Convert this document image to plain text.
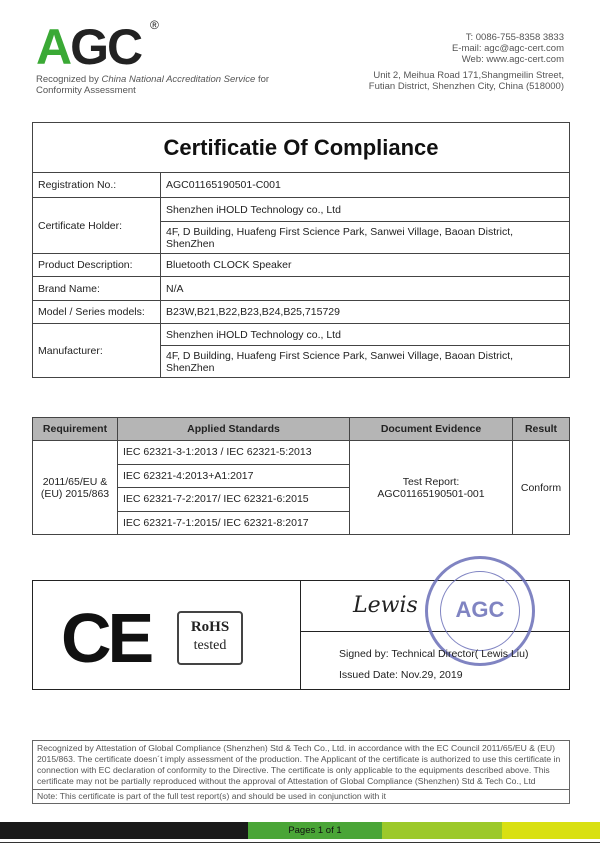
AGC ®
Recognized by China National Accreditation Service for
Conformity Assessment
T: 0086-755-8358 3833
E-mail: agc@agc-cert.com
Web: www.agc-cert.com
Unit 2, Meihua Road 171,Shangmeilin Street,
Futian District, Shenzhen City, China (518000)
Certificatie Of Compliance	
Registration No.:	AGC01165190501-C001
Certificate Holder:	Shenzhen iHOLD Technology co., Ltd
	4F, D Building, Huafeng First Science Park, Sanwei Village, Baoan District, ShenZhen
Product Description:	Bluetooth CLOCK Speaker
Brand Name:	N/A
Model / Series models:	B23W,B21,B22,B23,B24,B25,715729
Manufacturer:	Shenzhen iHOLD Technology co., Ltd
	4F, D Building, Huafeng First Science Park, Sanwei Village, Baoan District, ShenZhen
Requirement	Applied Standards	Document Evidence	Result
2011/65/EU & (EU) 2015/863	IEC 62321-3-1:2013 / IEC 62321-5:2013	Test Report:
AGC01165190501-001	Conform
	IEC 62321-4:2013+A1:2017		
	IEC 62321-7-2:2017/ IEC 62321-6:2015		
	IEC 62321-7-1:2015/ IEC 62321-8:2017		
CE	RoHS
tested
Lewis	AGC
Signed by: Technical Director( Lewis Liu)
Issued Date: Nov.29, 2019
Recognized by Attestation of Global Compliance (Shenzhen) Std & Tech Co., Ltd. in accordance with the EC Council 2011/65/EU & (EU) 2015/863. The certificate doesn´t imply assessment of the production. The Applicant of the certificate is authorized to use this certificate in connection with EC declaration of conformity to the Directive. The certificate is only applicable to the equipments described above. This certificate may not be partially reproduced without the approval of Attestation of Global Compliance (Shenzhen) Std & Tech Co., Ltd
Note: This certificate is part of the full test report(s) and should be used in conjunction with it
Pages 1 of 1
